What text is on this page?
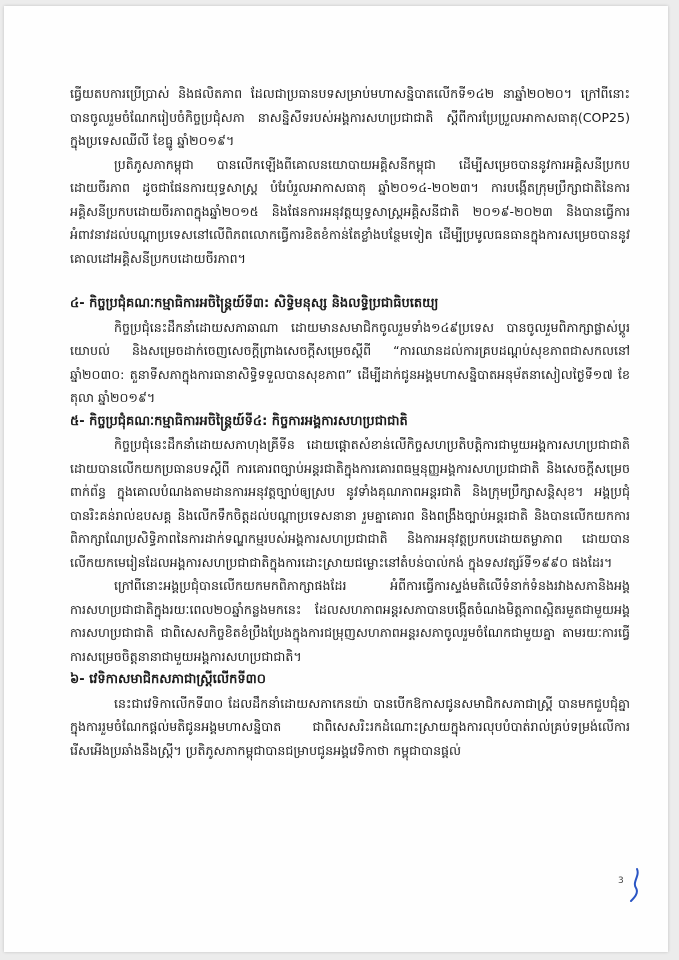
ធ្វើយតបការប្រើប្រាស់ និងផលិតភាព ដែលជាប្រធានបទសម្រាប់មហាសន្និបាតលើកទី១៤២ នាឆ្នាំ២០២០។ ក្រៅពីនោះបានចូលរួមចំណែករៀបចំកិច្ចប្រជុំសភា នាសន្និសីទរបស់អង្គការសហប្រជាជាតិ ស្តីពីការប្រែប្រួលអាកាសធាតុ(COP25) ក្នុងប្រទេសឈីលី ខែធ្នូ ឆ្នាំ២០១៩។

ប្រតិភូសភាកម្ពុជា បានលើកឡើងពីគោលនយោបាយអគ្គិសនីកម្ពុជា ដើម្បីសម្រេចបាននូវការអគ្គិសនីប្រកបដោយចីរភាព ដូចជាផែនការយុទ្ធសាស្ត្រ បំរែបំរួលអាកាសធាតុ ឆ្នាំ២០១៤-២០២៣។ ការបង្កើតក្រុមប្រឹក្សាជាតិនៃការអគ្គិសនីប្រកបដោយចីរភាពក្នុងឆ្នាំ២០១៥ និងផែនការអនុវត្តយុទ្ធសាស្ត្រអគ្គិសនីជាតិ ២០១៩-២០២៣ និងបានធ្វើការអំពាវនាវដល់បណ្តាប្រទេសនៅលើពិភពលោកធ្វើការខិតខំកាន់តែខ្លាំងបន្ថែមទៀត ដើម្បីប្រមូលធនធានក្នុងការសម្រេចបាននូវគោលដៅអគ្គិសនីប្រកបដោយចីរភាព។

៤- កិច្ចប្រជុំគណៈកម្មាធិការអចិន្ត្រៃយ៍ទី៣: សិទ្ធិមនុស្ស និងលទ្ធិប្រជាធិបតេយ្យ

កិច្ចប្រជុំនេះដឹកនាំដោយសភាឆាណា ដោយមានសមាជិកចូលរួមទាំង១៤៩ប្រទេស បានចូលរួមពិភាក្សាផ្លាស់ប្តូរយោបល់ និងសម្រេចដាក់ចេញសេចក្តីព្រាងសេចក្តីសម្រេចស្តីពី “ការឈានដល់ការគ្របដណ្តប់សុខភាពជាសកលនៅឆ្នាំ២០៣០: តួនាទីសភាក្នុងការធានាសិទ្ធិទទួលបានសុខភាព” ដើម្បីដាក់ជូនអង្គមហាសន្និបាតអនុម័តនាសៀលថ្ងៃទី១៧ ខែតុលា ឆ្នាំ២០១៩។

៥- កិច្ចប្រជុំគណៈកម្មាធិការអចិន្ត្រៃយ៍ទី៤: កិច្ចការអង្គការសហប្រជាជាតិ

កិច្ចប្រជុំនេះដឹកនាំដោយសភាហុងគ្រីទីន ដោយផ្តោតសំខាន់លើកិច្ចសហប្រតិបត្តិការជាមួយអង្គការសហប្រជាជាតិ ដោយបានលើកយកប្រធានបទស្តីពី ការគោរពច្បាប់អន្តរជាតិក្នុងការគោរពធម្មនុញ្ញអង្គការសហប្រជាជាតិ និងសេចក្តីសម្រេចពាក់ព័ន្ធ ក្នុងគោលបំណងតាមដានការអនុវត្តច្បាប់ឲ្យស្រប នូវទាំងគុណភាពអន្តរជាតិ និងក្រុមប្រឹក្សាសន្តិសុខ។ អង្គប្រជុំបានរិះគន់រាល់ឧបសគ្គ និងលើកទឹកចិត្តដល់បណ្តាប្រទេសនានា រួមគ្នាគោរព និងពង្រឹងច្បាប់អន្តរជាតិ និងបានលើកយកការពិភាក្សាណែប្រសិទ្ធិភាពនៃការដាក់ទណ្ឌកម្មរបស់អង្គការសហប្រជាជាតិ និងការអនុវត្តប្រកបដោយតម្លាភាព ដោយបានលើកយកមេរៀនដែលអង្គការសហប្រជាជាតិក្នុងការដោះស្រាយជម្លោះនៅតំបន់បាល់កង់ ក្នុងទសវត្សរ៍ទី១៩៩០ ផងដែរ។

ក្រៅពីនោះអង្គប្រជុំបានលើកយកមកពិភាក្សាផងដែរ អំពីការធ្វើការស្ទង់មតិលើទំនាក់ទំនងរវាងសភានិងអង្គការសហប្រជាជាតិក្នុងរយៈពេល២០ឆ្នាំកន្លងមកនេះ ដែលសហភាពអន្តរសភាបានបង្កើតចំណងមិត្តភាពស្អិតរមួតជាមួយអង្គការសហប្រជាជាតិ ជាពិសេសកិច្ចខិតខំប្រឹងប្រែងក្នុងការជម្រុញសហភាពអន្តរសភាចូលរួមចំណែកជាមួយគ្នា តាមរយៈការធ្វើការសម្រេចចិត្តនានាជាមួយអង្គការសហប្រជាជាតិ។

៦- វេទិកាសមាជិកសភាជាស្ត្រីលើកទី៣០

នេះជាវេទិកាលើកទី៣០ ដែលដឹកនាំដោយសភាកេនយ៉ា បានបើកឱកាសជូនសមាជិកសភាជាស្ត្រី បានមកជួបជុំគ្នា ក្នុងការរួមចំណែកផ្តល់មតិជូនអង្គមហាសន្និបាត ជាពិសេសរិះរកដំណោះស្រាយក្នុងការលុបបំបាត់រាល់គ្រប់ទម្រង់លើការរើសអើងប្រឆាំងនឹងស្ត្រី។ ប្រតិភូសភាកម្ពុជាបានជម្រាបជូនអង្គវេទិកាថា កម្ពុជាបានផ្តល់

3
